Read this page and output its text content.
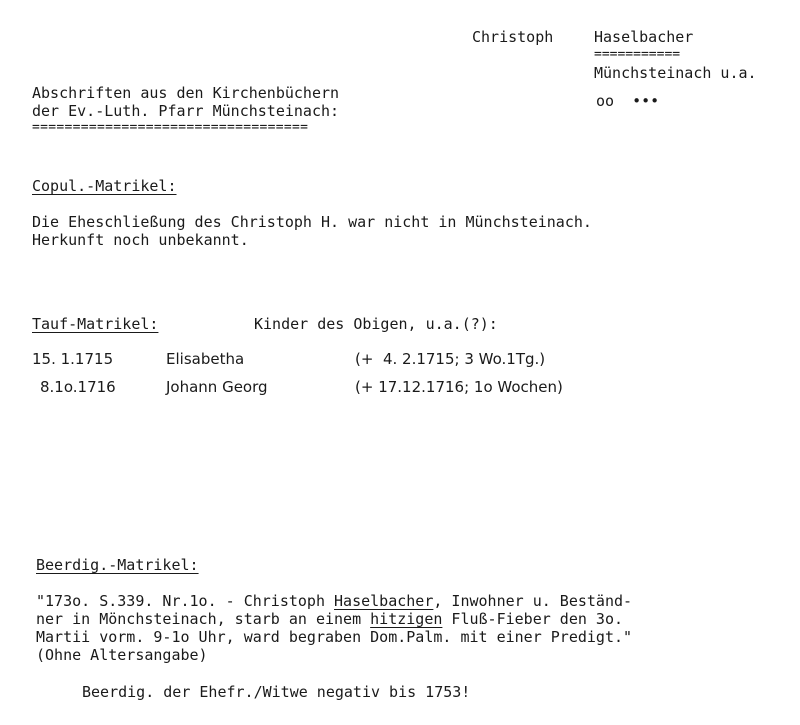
Christoph	Haselbacher
===========
Münchsteinach u.a.
oo  •••
Abschriften aus den Kirchenbüchern
der Ev.-Luth. Pfarr Münchsteinach:
==================================
Copul.-Matrikel:
Die Eheschließung des Christoph H. war nicht in Münchsteinach.
Herkunft noch unbekannt.
Tauf-Matrikel:	Kinder des Obigen, u.a.(?):
15. 1.1715	Elisabetha	(+  4. 2.1715; 3 Wo.1Tg.)
8.1o.1716	Johann Georg	(+ 17.12.1716; 1o Wochen)
Beerdig.-Matrikel:
"173o. S.339. Nr.1o. - Christoph Haselbacher, Inwohner u. Beständ-
ner in Mönchsteinach, starb an einem hitzigen Fluß-Fieber den 3o.
Martii vorm. 9-1o Uhr, ward begraben Dom.Palm. mit einer Predigt."
(Ohne Altersangabe)
Beerdig. der Ehefr./Witwe negativ bis 1753!
